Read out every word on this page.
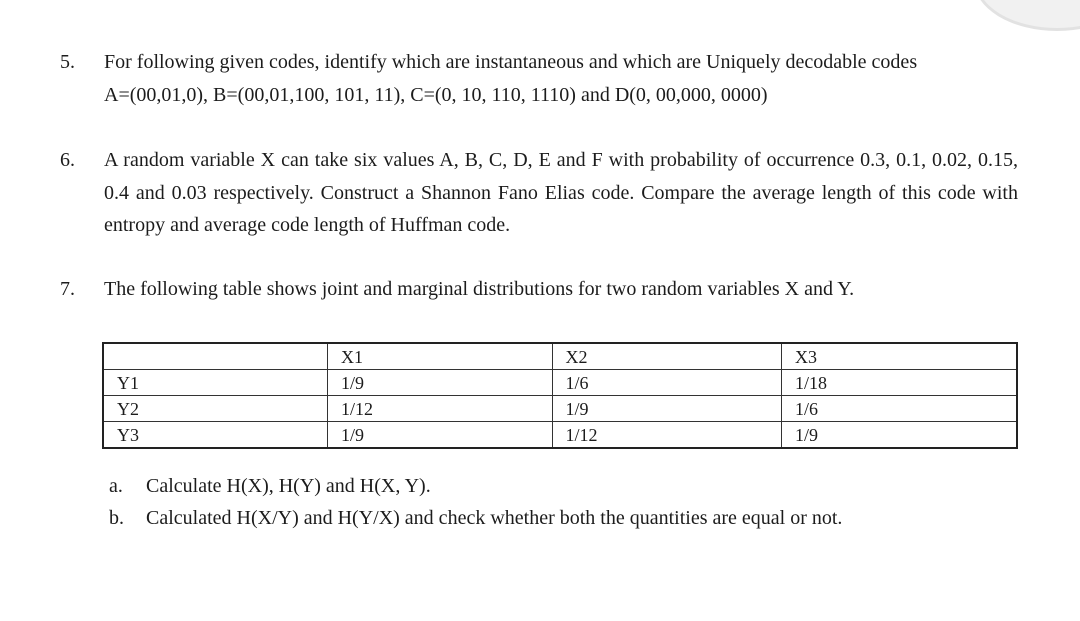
5. For following given codes, identify which are instantaneous and which are Uniquely decodable codes

A=(00,01,0), B=(00,01,100, 101, 11), C=(0, 10, 110, 1110) and D(0, 00,000, 0000)

6. A random variable X can take six values A, B, C, D, E and F with probability of occurrence 0.3, 0.1, 0.02, 0.15, 0.4 and 0.03 respectively. Construct a Shannon Fano Elias code. Compare the average length of this code with entropy and average code length of Huffman code.

7. The following table shows joint and marginal distributions for two random variables X and Y.

	X1	X2	X3
Y1	1/9	1/6	1/18
Y2	1/12	1/9	1/6
Y3	1/9	1/12	1/9
a. Calculate H(X), H(Y) and H(X, Y).
b. Calculated H(X/Y) and H(Y/X) and check whether both the quantities are equal or not.
